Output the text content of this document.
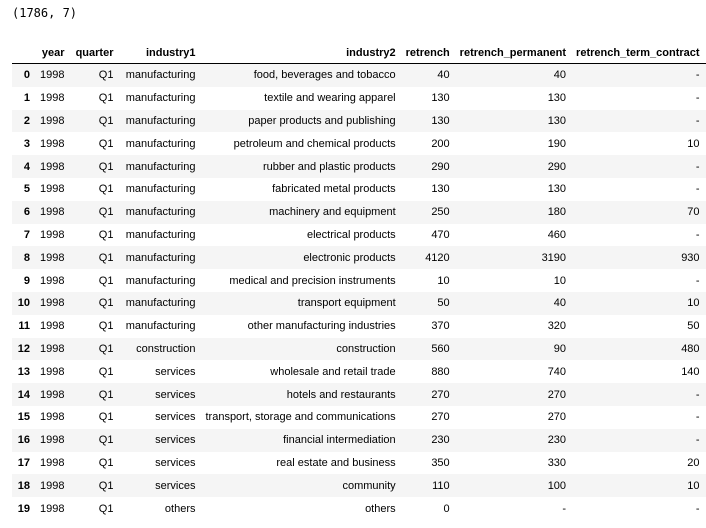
(1786, 7)
	year	quarter	industry1	industry2	retrench	retrench_permanent	retrench_term_contract
0	1998	Q1	manufacturing	food, beverages and tobacco	40	40	-
1	1998	Q1	manufacturing	textile and wearing apparel	130	130	-
2	1998	Q1	manufacturing	paper products and publishing	130	130	-
3	1998	Q1	manufacturing	petroleum and chemical products	200	190	10
4	1998	Q1	manufacturing	rubber and plastic products	290	290	-
5	1998	Q1	manufacturing	fabricated metal products	130	130	-
6	1998	Q1	manufacturing	machinery and equipment	250	180	70
7	1998	Q1	manufacturing	electrical products	470	460	-
8	1998	Q1	manufacturing	electronic products	4120	3190	930
9	1998	Q1	manufacturing	medical and precision instruments	10	10	-
10	1998	Q1	manufacturing	transport equipment	50	40	10
11	1998	Q1	manufacturing	other manufacturing industries	370	320	50
12	1998	Q1	construction	construction	560	90	480
13	1998	Q1	services	wholesale and retail trade	880	740	140
14	1998	Q1	services	hotels and restaurants	270	270	-
15	1998	Q1	services	transport, storage and communications	270	270	-
16	1998	Q1	services	financial intermediation	230	230	-
17	1998	Q1	services	real estate and business	350	330	20
18	1998	Q1	services	community	110	100	10
19	1998	Q1	others	others	0	-	-
